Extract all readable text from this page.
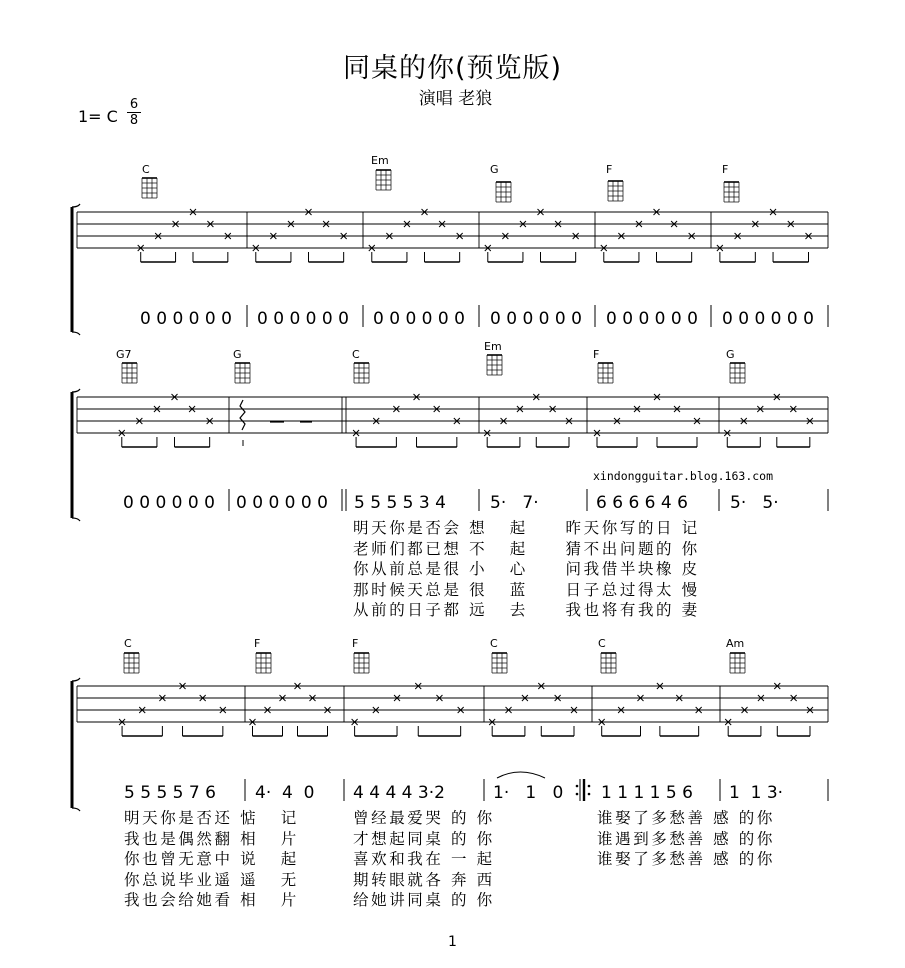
同桌的你(预览版)
演唱 老狼
1= C
6
8
C
Em
G	F	F
G7	G	C
Em
F	G
C	F	F	C	C	Am
0 0 0 0 0 0 0 0 0 0 0 0 0 0 0 0 0 0 0 0 0 0 0 0 0 0 0 0 0 0 0 0 0 0 0 0
0 0 0 0 0 0 0 0 0 0 0 0 5 5 5 5 3 4	5·   7·	6 6 6 6 4 6 5·   5·
5 5 5 5 7 6 4·  4  0 4 4 4 4 3·2	1·   1   0 1 1 1 1 5 6 1  1 3·
xindongguitar.blog.163.com
明天你是否会 想   起     昨天你写的日 记
老师们都已想 不   起     猜不出问题的 你
你从前总是很 小   心     问我借半块橡 皮
那时候天总是 很   蓝     日子总过得太 慢
从前的日子都 远   去     我也将有我的 妻
明天你是否还 惦   记
我也是偶然翻 相   片
你也曾无意中 说   起
你总说毕业遥 遥   无
我也会给她看 相   片
曾经最爱哭 的 你
才想起同桌 的 你
喜欢和我在 一 起
期转眼就各 奔 西
给她讲同桌 的 你
谁娶了多愁善 感 的你
谁遇到多愁善 感 的你
谁娶了多愁善 感 的你
1
